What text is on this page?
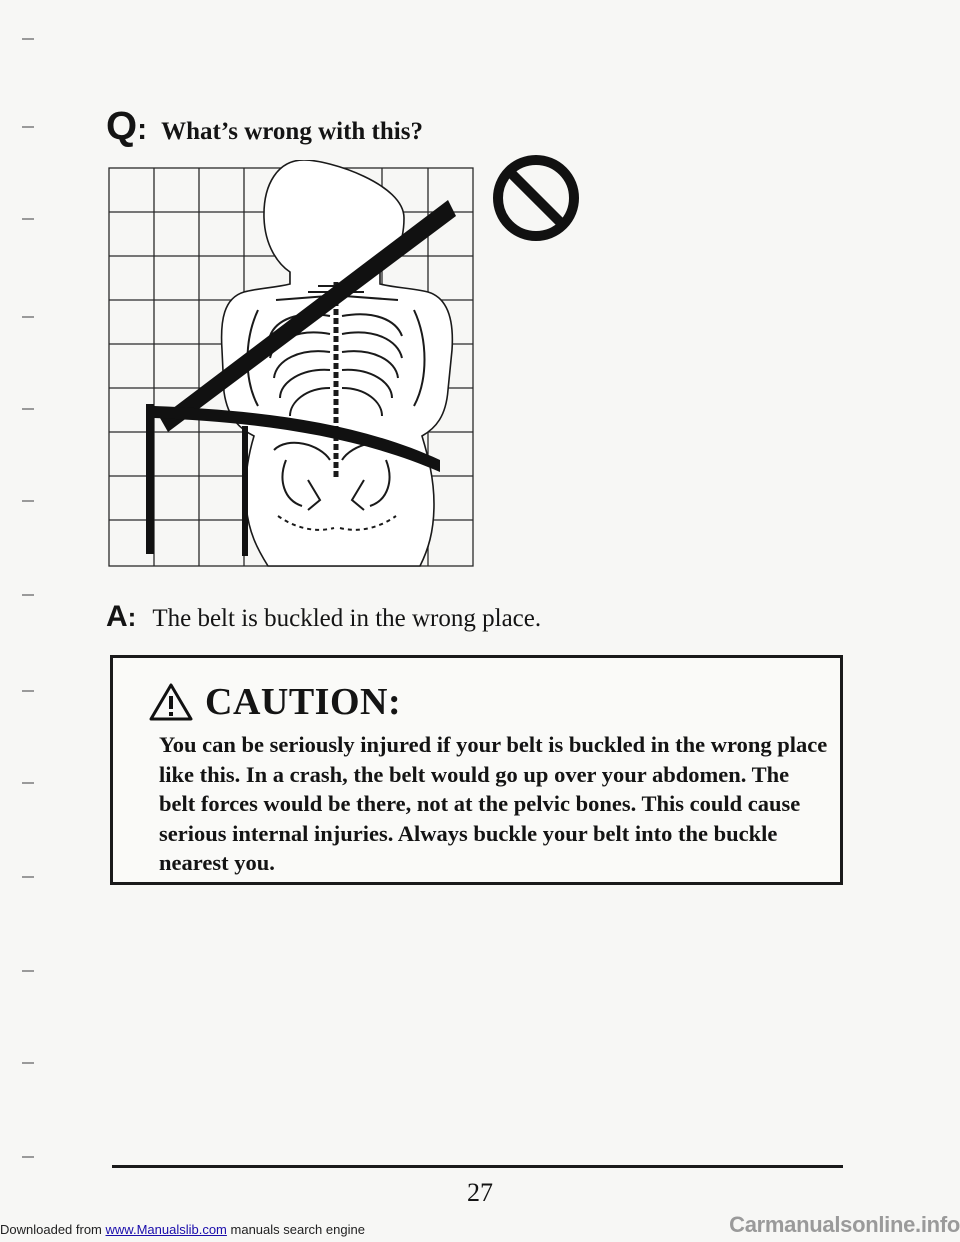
Q : What’s wrong with this?
A : The belt is buckled in the wrong place.
CAUTION:
You can be seriously injured if your belt is buckled in the wrong place like this. In a crash, the belt would go up over your abdomen. The belt forces would be there, not at the pelvic bones. This could cause serious internal injuries. Always buckle your belt into the buckle nearest you.
27
Downloaded from www.Manualslib.com manuals search engine	Carmanualsonline.info
